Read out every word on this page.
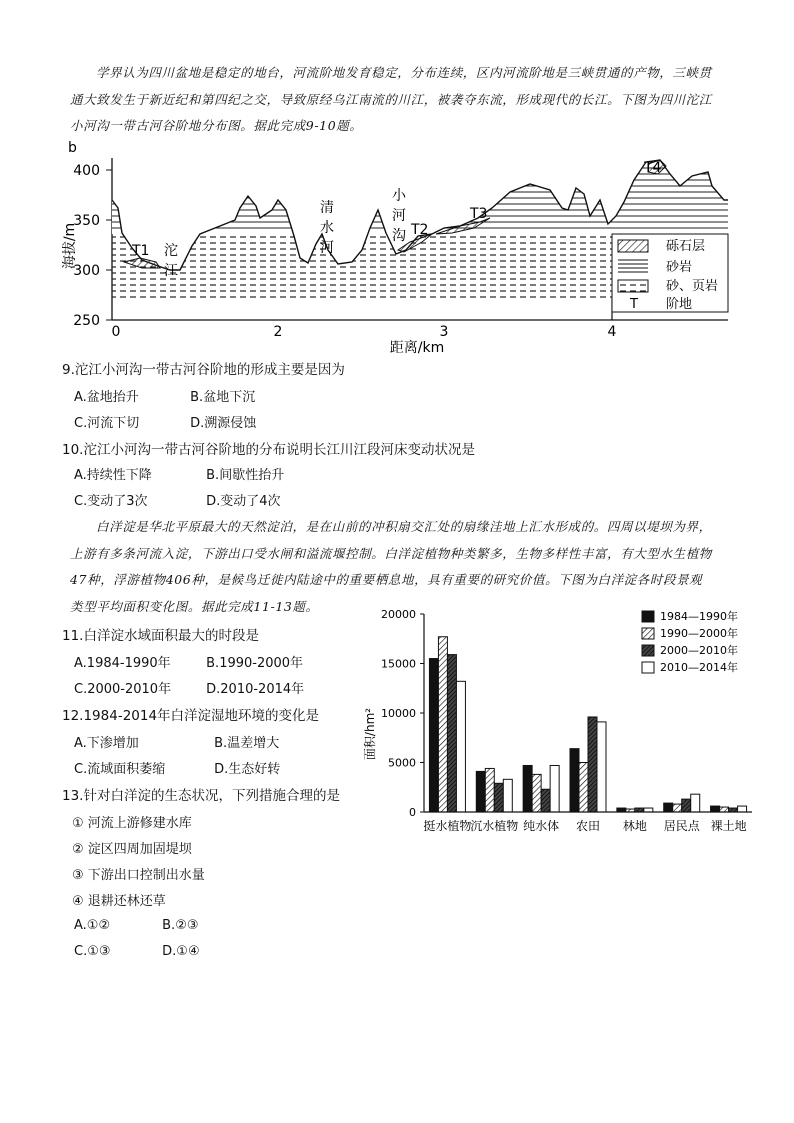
学界认为四川盆地是稳定的地台，河流阶地发育稳定，分布连续，区内河流阶地是三峡贯通的产物，三峡贯
通大致发生于新近纪和第四纪之交，导致原经乌江南流的川江，被袭夺东流，形成现代的长江。下图为四川沱江
小河沟一带古河谷阶地分布图。据此完成9-10题。
b
400
350
300
250
海拔/m
0	2	3	4
距离/km
T1 沱
江
清
水
河
小
河
沟 T2
T3
T4
砾石层
砂岩
砂、页岩
T 阶地
9.沱江小河沟一带古河谷阶地的形成主要是因为
A.盆地抬升	B.盆地下沉
C.河流下切	D.溯源侵蚀
10.沱江小河沟一带古河谷阶地的分布说明长江川江段河床变动状况是
A.持续性下降	B.间歇性抬升
C.变动了3次	D.变动了4次
白洋淀是华北平原最大的天然淀泊，是在山前的冲积扇交汇处的扇缘洼地上汇水形成的。四周以堤坝为界，
上游有多条河流入淀，下游出口受水闸和溢流堰控制。白洋淀植物种类繁多，生物多样性丰富，有大型水生植物
47种，浮游植物406种，是候鸟迁徙内陆途中的重要栖息地，具有重要的研究价值。下图为白洋淀各时段景观
类型平均面积变化图。据此完成11-13题。
11.白洋淀水域面积最大的时段是
A.1984-1990年	B.1990-2000年
C.2000-2010年	D.2010-2014年
12.1984-2014年白洋淀湿地环境的变化是
A.下渗增加	B.温差增大
C.流域面积萎缩	D.生态好转
13.针对白洋淀的生态状况，下列措施合理的是
① 河流上游修建水库
② 淀区四周加固堤坝
③ 下游出口控制出水量
④ 退耕还林还草
A.①②	B.②③
C.①③	D.①④
面积/hm²
0
5000
10000
15000
20000
挺水植物
沉水植物 纯水体 农田 林地 居民点 裸土地
1984—1990年
1990—2000年
2000—2010年
2010—2014年
